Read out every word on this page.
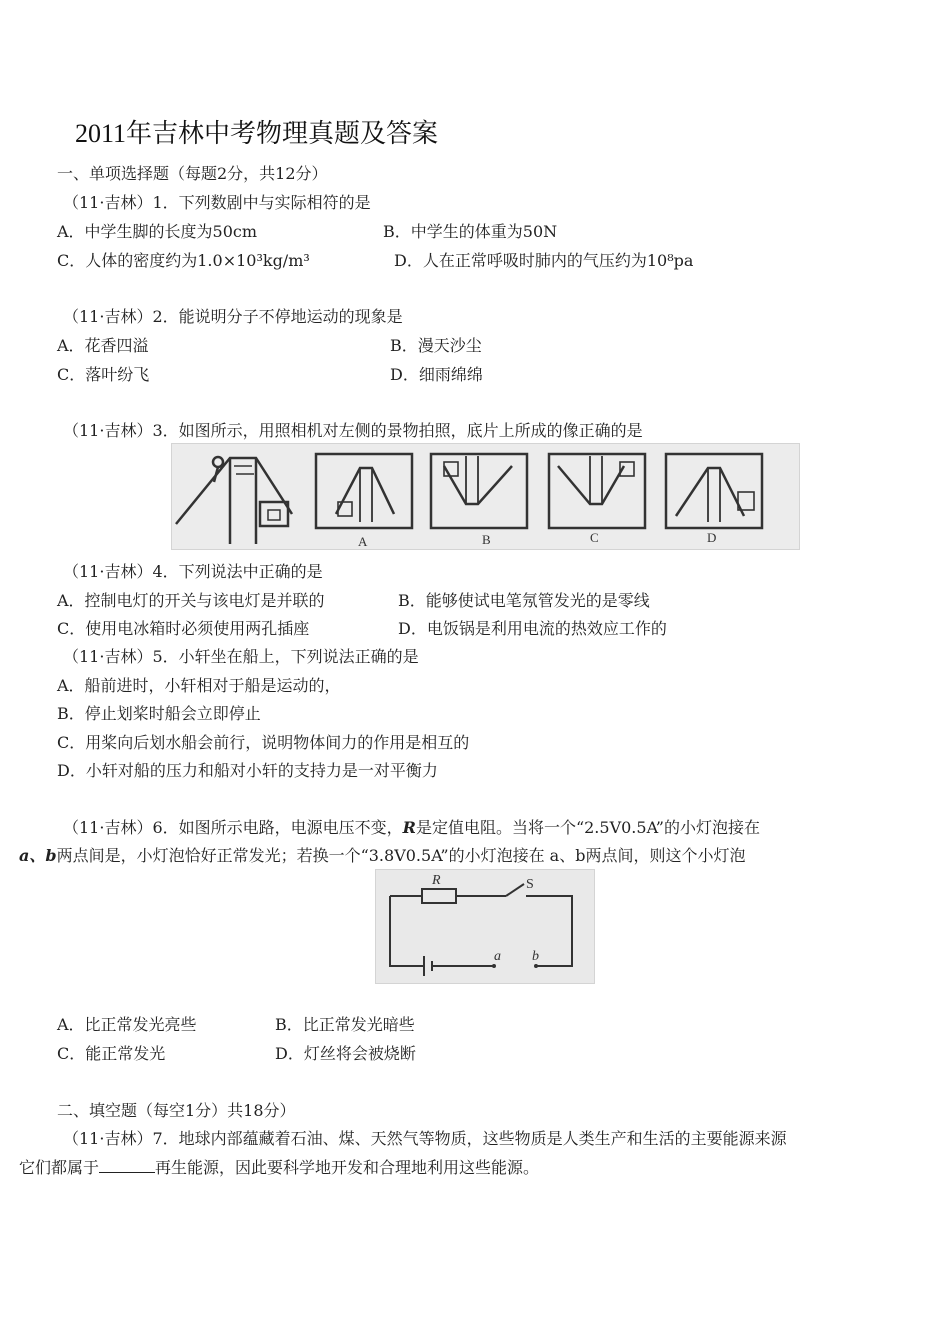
2011年吉林中考物理真题及答案
一、单项选择题（每题2分，共12分）
（11·吉林）1．下列数剧中与实际相符的是
A．中学生脚的长度为50cm	B．中学生的体重为50N
C．人体的密度约为1.0×10³kg/m³	D．人在正常呼吸时肺内的气压约为10⁸pa
（11·吉林）2．能说明分子不停地运动的现象是
A．花香四溢	B．漫天沙尘
C．落叶纷飞	D．细雨绵绵
（11·吉林）3．如图所示，用照相机对左侧的景物拍照，底片上所成的像正确的是
A	B	C	D
（11·吉林）4．下列说法中正确的是
A．控制电灯的开关与该电灯是并联的	B．能够使试电笔氖管发光的是零线
C．使用电冰箱时必须使用两孔插座	D．电饭锅是利用电流的热效应工作的
（11·吉林）5．小轩坐在船上，下列说法正确的是
A．船前进时，小轩相对于船是运动的，
B．停止划桨时船会立即停止
C．用桨向后划水船会前行，说明物体间力的作用是相互的
D．小轩对船的压力和船对小轩的支持力是一对平衡力
（11·吉林）6．如图所示电路，电源电压不变，R是定值电阻。当将一个“2.5V0.5A”的小灯泡接在
a、b两点间是，小灯泡恰好正常发光；若换一个“3.8V0.5A”的小灯泡接在 a、b两点间，则这个小灯泡
R	S
a b
A．比正常发光亮些	B．比正常发光暗些
C．能正常发光	D．灯丝将会被烧断
二、填空题（每空1分）共18分）
（11·吉林）7．地球内部蕴藏着石油、煤、天然气等物质，这些物质是人类生产和生活的主要能源来源
它们都属于	再生能源，因此要科学地开发和合理地利用这些能源。
